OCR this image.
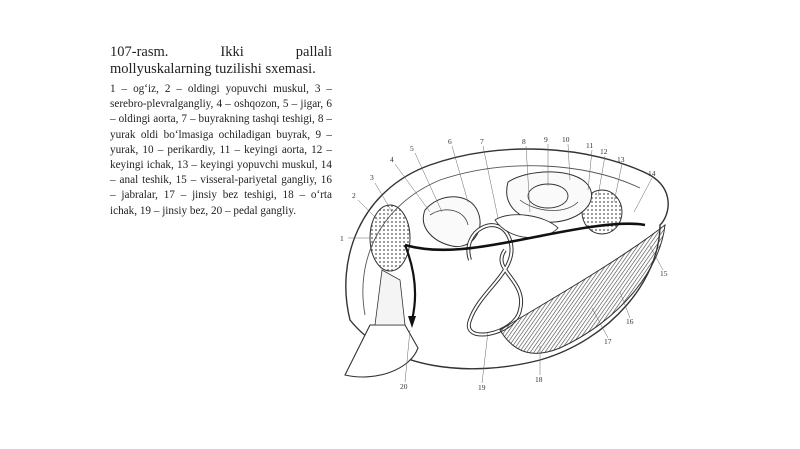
107-rasm. Ikki pallali mollyuskalarning tuzilishi sxemasi.

1 – og‘iz, 2 – oldingi yopuvchi muskul, 3 – serebro-plevralgangliy, 4 – oshqozon, 5 – jigar, 6 – oldingi aorta, 7 – buyrakning tashqi teshigi, 8 – yurak oldi bo‘lmasiga ochiladigan buyrak, 9 – yurak, 10 – perikardiy, 11 – keyingi aorta, 12 – keyingi ichak, 13 – keyingi yopuvchi muskul, 14 – anal teshik, 15 – visseral-pariyetal gangliy, 16 – jabralar, 17 – jinsiy bez teshigi, 18 – o‘rta ichak, 19 – jinsiy bez, 20 – pedal gangliy.

1
2
3
4
5
6	7	8 9 10
11
12
13
14
15
16
17
18
19
20
